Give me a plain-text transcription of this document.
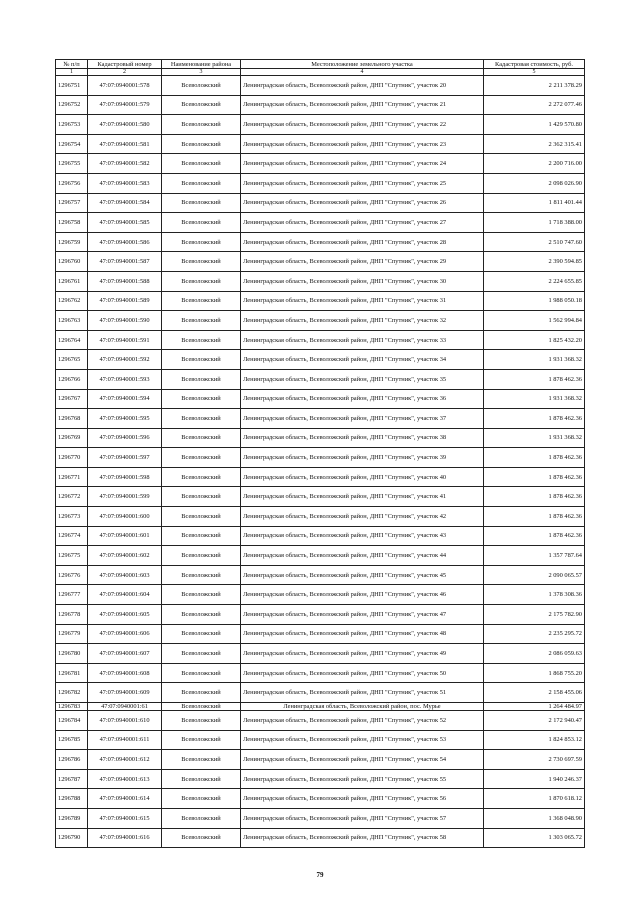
№ п/п	Кадастровый номер	Наименование района	Местоположение земельного участка	Кадастровая стоимость, руб.
1	2	3	4	5
1296751	47:07:0940001:578	Всеволожский	Ленинградская область, Всеволожский район, ДНП "Спутник", участок 20	2 211 378.29
1296752	47:07:0940001:579	Всеволожский	Ленинградская область, Всеволожский район, ДНП "Спутник", участок 21	2 272 077.46
1296753	47:07:0940001:580	Всеволожский	Ленинградская область, Всеволожский район, ДНП "Спутник", участок 22	1 429 570.80
1296754	47:07:0940001:581	Всеволожский	Ленинградская область, Всеволожский район, ДНП "Спутник", участок 23	2 362 315.41
1296755	47:07:0940001:582	Всеволожский	Ленинградская область, Всеволожский район, ДНП "Спутник", участок 24	2 200 716.00
1296756	47:07:0940001:583	Всеволожский	Ленинградская область, Всеволожский район, ДНП "Спутник", участок 25	2 098 026.90
1296757	47:07:0940001:584	Всеволожский	Ленинградская область, Всеволожский район, ДНП "Спутник", участок 26	1 811 401.44
1296758	47:07:0940001:585	Всеволожский	Ленинградская область, Всеволожский район, ДНП "Спутник", участок 27	1 718 388.00
1296759	47:07:0940001:586	Всеволожский	Ленинградская область, Всеволожский район, ДНП "Спутник", участок 28	2 510 747.60
1296760	47:07:0940001:587	Всеволожский	Ленинградская область, Всеволожский район, ДНП "Спутник", участок 29	2 390 594.85
1296761	47:07:0940001:588	Всеволожский	Ленинградская область, Всеволожский район, ДНП "Спутник", участок 30	2 224 655.85
1296762	47:07:0940001:589	Всеволожский	Ленинградская область, Всеволожский район, ДНП "Спутник", участок 31	1 988 050.18
1296763	47:07:0940001:590	Всеволожский	Ленинградская область, Всеволожский район, ДНП "Спутник", участок 32	1 562 994.84
1296764	47:07:0940001:591	Всеволожский	Ленинградская область, Всеволожский район, ДНП "Спутник", участок 33	1 825 432.20
1296765	47:07:0940001:592	Всеволожский	Ленинградская область, Всеволожский район, ДНП "Спутник", участок 34	1 931 368.32
1296766	47:07:0940001:593	Всеволожский	Ленинградская область, Всеволожский район, ДНП "Спутник", участок 35	1 878 462.36
1296767	47:07:0940001:594	Всеволожский	Ленинградская область, Всеволожский район, ДНП "Спутник", участок 36	1 931 368.32
1296768	47:07:0940001:595	Всеволожский	Ленинградская область, Всеволожский район, ДНП "Спутник", участок 37	1 878 462.36
1296769	47:07:0940001:596	Всеволожский	Ленинградская область, Всеволожский район, ДНП "Спутник", участок 38	1 931 368.32
1296770	47:07:0940001:597	Всеволожский	Ленинградская область, Всеволожский район, ДНП "Спутник", участок 39	1 878 462.36
1296771	47:07:0940001:598	Всеволожский	Ленинградская область, Всеволожский район, ДНП "Спутник", участок 40	1 878 462.36
1296772	47:07:0940001:599	Всеволожский	Ленинградская область, Всеволожский район, ДНП "Спутник", участок 41	1 878 462.36
1296773	47:07:0940001:600	Всеволожский	Ленинградская область, Всеволожский район, ДНП "Спутник", участок 42	1 878 462.36
1296774	47:07:0940001:601	Всеволожский	Ленинградская область, Всеволожский район, ДНП "Спутник", участок 43	1 878 462.36
1296775	47:07:0940001:602	Всеволожский	Ленинградская область, Всеволожский район, ДНП "Спутник", участок 44	1 357 787.64
1296776	47:07:0940001:603	Всеволожский	Ленинградская область, Всеволожский район, ДНП "Спутник", участок 45	2 090 065.57
1296777	47:07:0940001:604	Всеволожский	Ленинградская область, Всеволожский район, ДНП "Спутник", участок 46	1 378 308.36
1296778	47:07:0940001:605	Всеволожский	Ленинградская область, Всеволожский район, ДНП "Спутник", участок 47	2 175 782.90
1296779	47:07:0940001:606	Всеволожский	Ленинградская область, Всеволожский район, ДНП "Спутник", участок 48	2 235 295.72
1296780	47:07:0940001:607	Всеволожский	Ленинградская область, Всеволожский район, ДНП "Спутник", участок 49	2 086 059.63
1296781	47:07:0940001:608	Всеволожский	Ленинградская область, Всеволожский район, ДНП "Спутник", участок 50	1 868 755.20
1296782	47:07:0940001:609	Всеволожский	Ленинградская область, Всеволожский район, ДНП "Спутник", участок 51	2 158 455.06
1296783	47:07:0940001:61	Всеволожский	Ленинградская область, Всеволожский район, пос. Мурье	1 264 484.97
1296784	47:07:0940001:610	Всеволожский	Ленинградская область, Всеволожский район, ДНП "Спутник", участок 52	2 172 940.47
1296785	47:07:0940001:611	Всеволожский	Ленинградская область, Всеволожский район, ДНП "Спутник", участок 53	1 824 853.12
1296786	47:07:0940001:612	Всеволожский	Ленинградская область, Всеволожский район, ДНП "Спутник", участок 54	2 730 697.59
1296787	47:07:0940001:613	Всеволожский	Ленинградская область, Всеволожский район, ДНП "Спутник", участок 55	1 940 246.37
1296788	47:07:0940001:614	Всеволожский	Ленинградская область, Всеволожский район, ДНП "Спутник", участок 56	1 870 618.12
1296789	47:07:0940001:615	Всеволожский	Ленинградская область, Всеволожский район, ДНП "Спутник", участок 57	1 368 048.90
1296790	47:07:0940001:616	Всеволожский	Ленинградская область, Всеволожский район, ДНП "Спутник", участок 58	1 303 065.72
79
